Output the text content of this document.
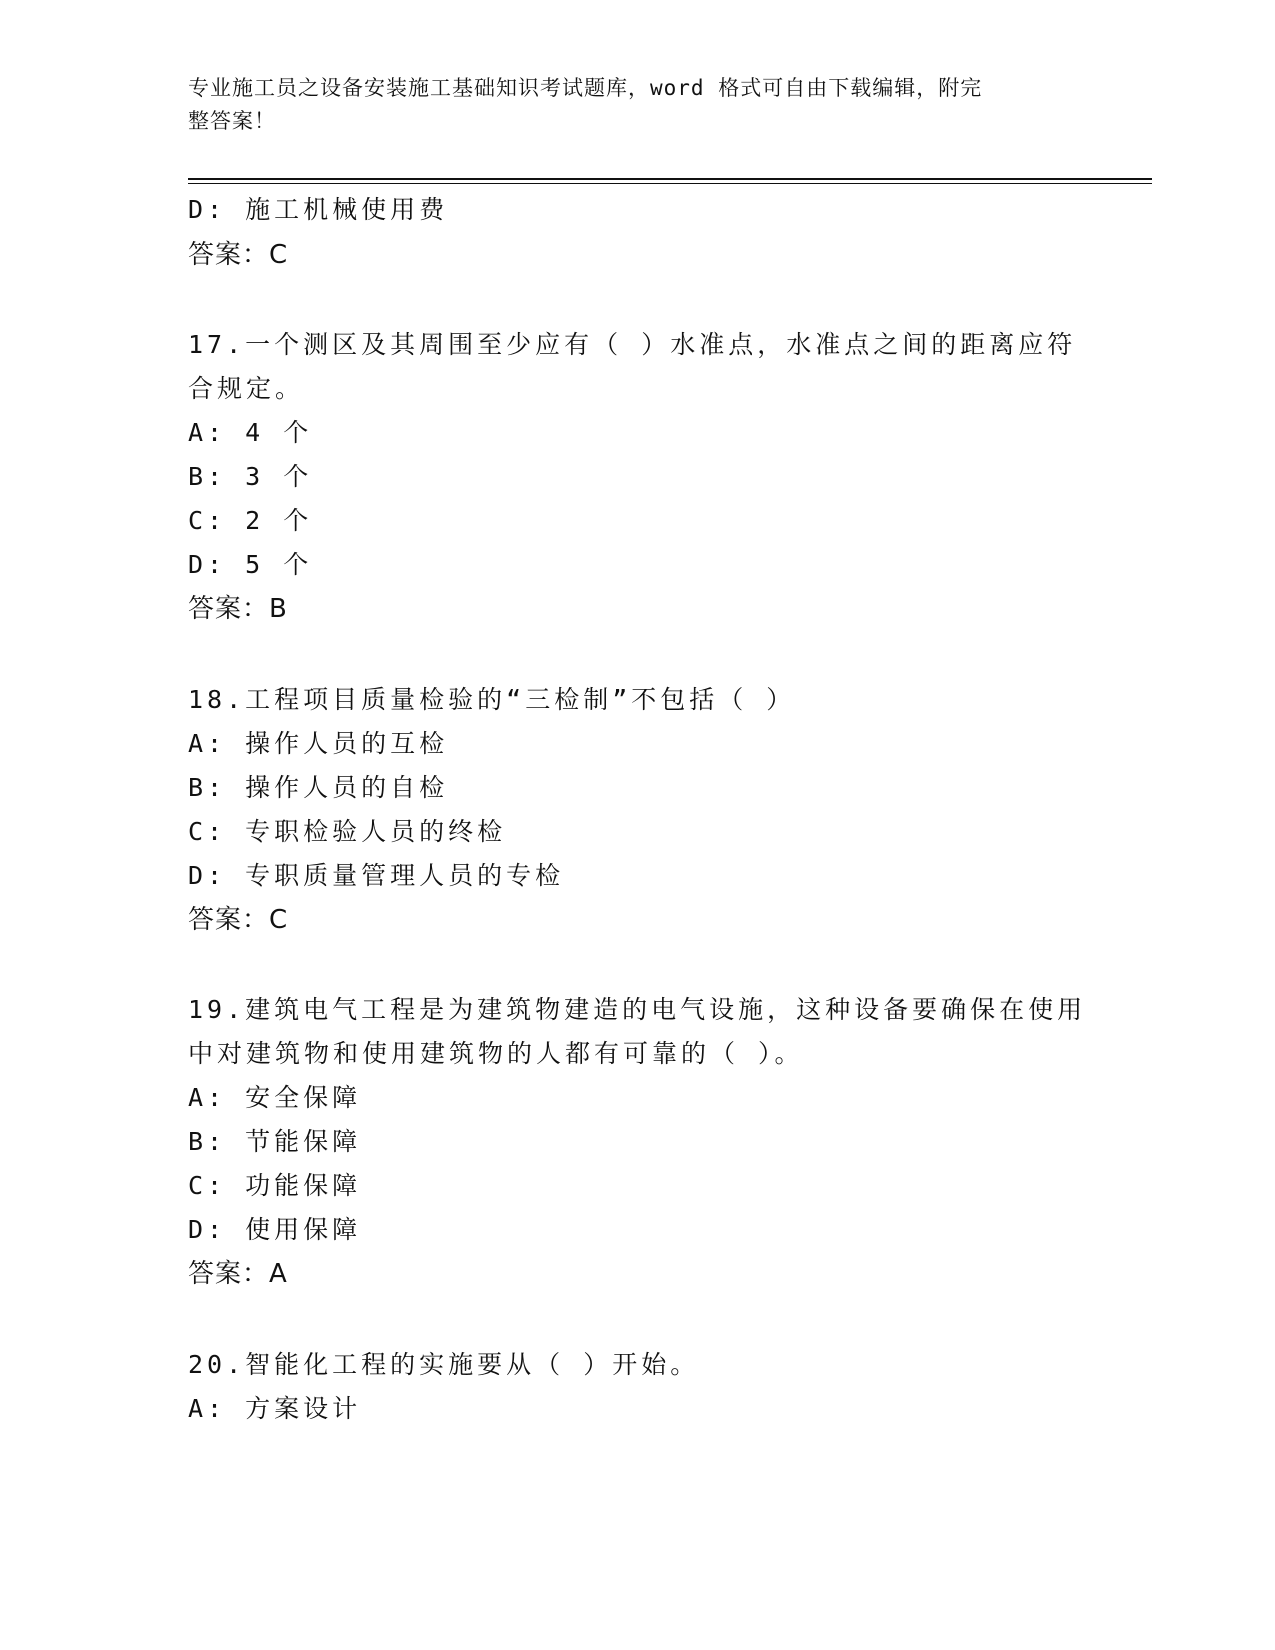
专业施工员之设备安装施工基础知识考试题库，word 格式可自由下载编辑，附完
整答案！
D: 施工机械使用费
答案：C
17.一个测区及其周围至少应有（ ）水准点，水准点之间的距离应符
合规定。
A: 4 个
B: 3 个
C: 2 个
D: 5 个
答案：B
18.工程项目质量检验的“三检制”不包括（ ）
A: 操作人员的互检
B: 操作人员的自检
C: 专职检验人员的终检
D: 专职质量管理人员的专检
答案：C
19.建筑电气工程是为建筑物建造的电气设施，这种设备要确保在使用
中对建筑物和使用建筑物的人都有可靠的（ ）。
A: 安全保障
B: 节能保障
C: 功能保障
D: 使用保障
答案：A
20.智能化工程的实施要从（ ）开始。
A: 方案设计
